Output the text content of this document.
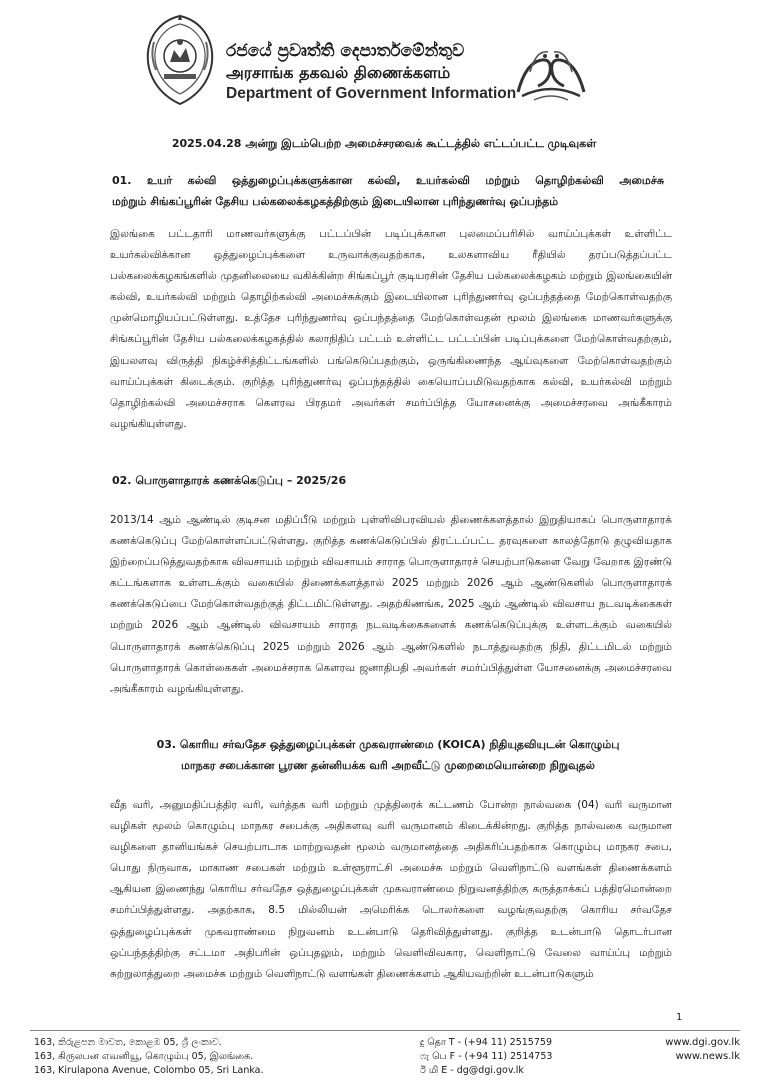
රජයේ ප්‍රවෘත්ති දෙපාර්තමේන්තුව
அரசாங்க தகவல் திணைக்களம்
Department of Government Information
2025.04.28 அன்று இடம்பெற்ற அமைச்சரவைக் கூட்டத்தில் எட்டப்பட்ட முடிவுகள்
01. உயர் கல்வி ஒத்துழைப்புக்களுக்கான கல்வி, உயர்கல்வி மற்றும் தொழிற்கல்வி அமைச்சு
மற்றும் சிங்கப்பூரின் தேசிய பல்கலைக்கழகத்திற்கும் இடையிலான புரிந்துணர்வு ஒப்பந்தம்

இலங்கை பட்டதாரி மாணவர்களுக்கு பட்டப்பின் படிப்புக்கான புலமைப்பரிசில் வாய்ப்புக்கள் உள்ளிட்ட உயர்கல்விக்கான ஒத்துழைப்புக்களை உருவாக்குவதற்காக, உலகளாவிய ரீதியில் தரப்படுத்தப்பட்ட பல்கலைக்கழகங்களில் முதனிலையை வகிக்கின்ற சிங்கப்பூர் குடியரசின் தேசிய பல்கலைக்கழகம் மற்றும் இலங்கையின் கல்வி, உயர்கல்வி மற்றும் தொழிற்கல்வி அமைச்சுக்கும் இடையிலான புரிந்துணர்வு ஒப்பந்தத்தை மேற்கொள்வதற்கு முன்மொழியப்பட்டுள்ளது. உத்தேச புரிந்துணர்வு ஒப்பந்தத்தை மேற்கொள்வதன் மூலம் இலங்கை மாணவர்களுக்கு சிங்கப்பூரின் தேசிய பல்கலைக்கழகத்தில் கலாநிதிப் பட்டம் உள்ளிட்ட பட்டப்பின் படிப்புக்களை மேற்கொள்வதற்கும், இயலளவு விருத்தி நிகழ்ச்சித்திட்டங்களில் பங்கெடுப்பதற்கும், ஒருங்கிணைந்த ஆய்வுகளை மேற்கொள்வதற்கும் வாய்ப்புக்கள் கிடைக்கும். குறித்த புரிந்துணர்வு ஒப்பந்தத்தில் கையொப்பமிடுவதற்காக கல்வி, உயர்கல்வி மற்றும் தொழிற்கல்வி அமைச்சராக கௌரவ பிரதமர் அவர்கள் சமர்ப்பித்த யோசனைக்கு அமைச்சரவை அங்கீகாரம் வழங்கியுள்ளது.

02. பொருளாதாரக் கணக்கெடுப்பு – 2025/26

2013/14 ஆம் ஆண்டில் குடிசன மதிப்பீடு மற்றும் புள்ளிவிபரவியல் திணைக்களத்தால் இறுதியாகப் பொருளாதாரக் கணக்கெடுப்பு மேற்கொள்ளப்பட்டுள்ளது. குறித்த கணக்கெடுப்பில் திரட்டப்பட்ட தரவுகளை காலத்தோடு தழுவியதாக இற்றைப்படுத்துவதற்காக விவசாயம் மற்றும் விவசாயம் சாராத பொருளாதாரச் செயற்பாடுகளை வேறு வேறாக இரண்டு கட்டங்களாக உள்ளடக்கும் வகையில் திணைக்களத்தால் 2025 மற்றும் 2026 ஆம் ஆண்டுகளில் பொருளாதாரக் கணக்கெடுப்பை மேற்கொள்வதற்குத் திட்டமிட்டுள்ளது. அதற்கிணங்க, 2025 ஆம் ஆண்டில் விவசாய நடவடிக்கைகள் மற்றும் 2026 ஆம் ஆண்டில் விவசாயம் சாராத நடவடிக்கைகளைக் கணக்கெடுப்புக்கு உள்ளடக்கும் வகையில் பொருளாதாரக் கணக்கெடுப்பு 2025 மற்றும் 2026 ஆம் ஆண்டுகளில் நடாத்துவதற்கு நிதி, திட்டமிடல் மற்றும் பொருளாதாரக் கொள்கைகள் அமைச்சராக கௌரவ ஜனாதிபதி அவர்கள் சமர்ப்பித்துள்ள யோசனைக்கு அமைச்சரவை அங்கீகாரம் வழங்கியுள்ளது.

03. கொரிய சர்வதேச ஒத்துழைப்புக்கள் முகவராண்மை (KOICA) நிதியுதவியுடன் கொழும்பு
மாநகர சபைக்கான பூரண தன்னியக்க வரி அறவீட்டு முறைமையொன்றை நிறுவுதல்

வீத வரி, அனுமதிப்பத்திர வரி, வர்த்தக வரி மற்றும் முத்திரைக் கட்டணம் போன்ற நால்வகை (04) வரி வருமான வழிகள் மூலம் கொழும்பு மாநகர சபைக்கு அதிகளவு வரி வருமானம் கிடைக்கின்றது. குறித்த நால்வகை வருமான வழிகளை தானியங்கச் செயற்பாடாக மாற்றுவதன் மூலம் வருமானத்தை அதிகரிப்பதற்காக கொழும்பு மாநகர சபை, பொது நிருவாக, மாகாண சபைகள் மற்றும் உள்ளூராட்சி அமைச்சு மற்றும் வெளிநாட்டு வளங்கள் திணைக்களம் ஆகியன இணைந்து கொரிய சர்வதேச ஒத்துழைப்புக்கள் முகவராண்மை நிறுவனத்திற்கு கருத்தாக்கப் பத்திரமொன்றை சமர்ப்பித்துள்ளது. அதற்காக, 8.5 மில்லியன் அமெரிக்க டொலர்களை வழங்குவதற்கு கொரிய சர்வதேச ஒத்துழைப்புக்கள் முகவராண்மை நிறுவனம் உடன்பாடு தெரிவித்துள்ளது. குறித்த உடன்பாடு தொடர்பான ஒப்பந்தத்திற்கு சட்டமா அதிபரின் ஒப்புதலும், மற்றும் வெளிவிவகார, வெளிநாட்டு வேலை வாய்ப்பு மற்றும் சுற்றுலாத்துறை அமைச்சு மற்றும் வெளிநாட்டு வளங்கள் திணைக்களம் ஆகியவற்றின் உடன்பாடுகளும்

1
163, කිරුළපන මාවත, කොළඹ 05, ශ්‍රී ලංකාව.
163, கிருலபன எவனியூ, கொழும்பு 05, இலங்கை.
163, Kirulapona Avenue, Colombo 05, Sri Lanka.
දු தொ T - (+94 11) 2515759
ෆැ பெ F - (+94 11) 2514753
ඊ மி E - dg@dgi.gov.lk
www.dgi.gov.lk
www.news.lk
